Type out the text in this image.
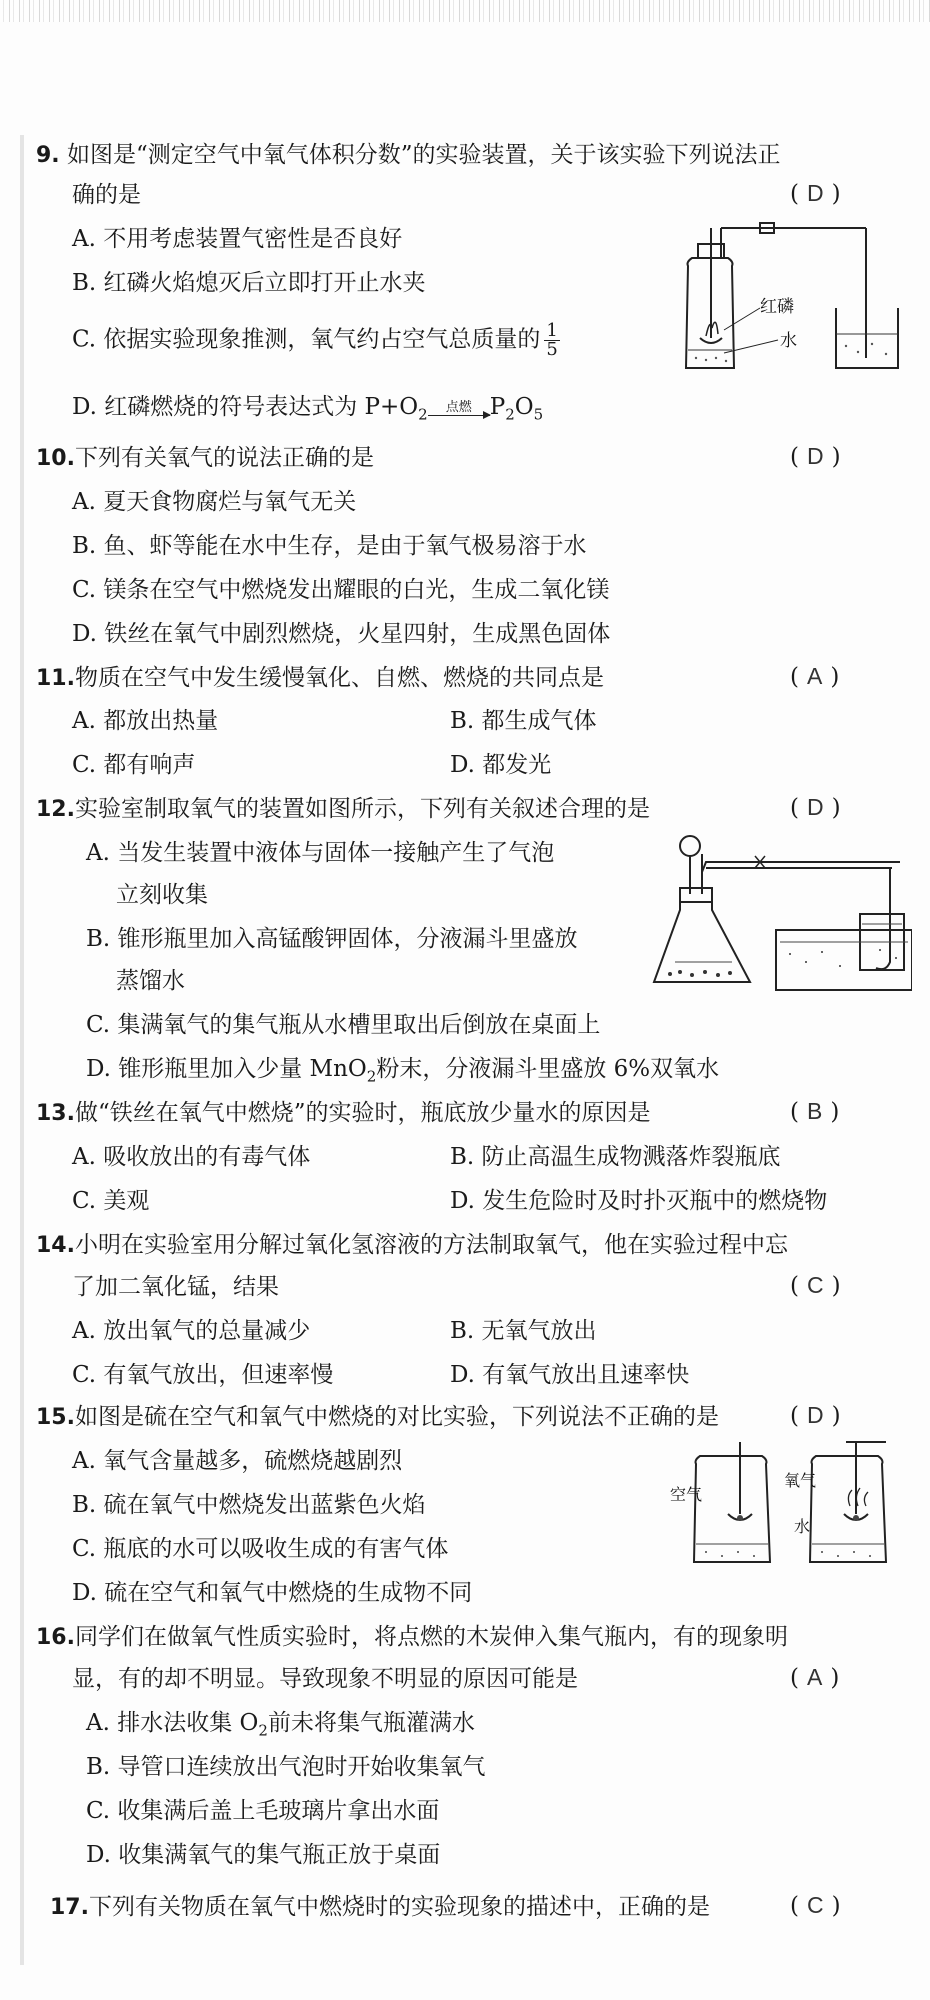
9. 如图是“测定空气中氧气体积分数”的实验装置，关于该实验下列说法正
确的是	(D)
A. 不用考虑装置气密性是否良好
B. 红磷火焰熄灭后立即打开止水夹
C. 依据实验现象推测，氧气约占空气总质量的 $\frac{1}{5}$
D. 红磷燃烧的符号表达式为 $P+O_2$	点燃 $P_2O_5$
红磷
水
10.下列有关氧气的说法正确的是	(D)
A. 夏天食物腐烂与氧气无关
B. 鱼、虾等能在水中生存，是由于氧气极易溶于水
C. 镁条在空气中燃烧发出耀眼的白光，生成二氧化镁
D. 铁丝在氧气中剧烈燃烧，火星四射，生成黑色固体
11.物质在空气中发生缓慢氧化、自燃、燃烧的共同点是	(A)
A. 都放出热量	B. 都生成气体
C. 都有响声	D. 都发光
12.实验室制取氧气的装置如图所示，下列有关叙述合理的是	(D)
A. 当发生装置中液体与固体一接触产生了气泡
立刻收集
B. 锥形瓶里加入高锰酸钾固体，分液漏斗里盛放
蒸馏水
C. 集满氧气的集气瓶从水槽里取出后倒放在桌面上
D. 锥形瓶里加入少量 MnO$_2$粉末，分液漏斗里盛放 6%双氧水
13.做“铁丝在氧气中燃烧”的实验时，瓶底放少量水的原因是	(B)
A. 吸收放出的有毒气体	B. 防止高温生成物溅落炸裂瓶底
C. 美观	D. 发生危险时及时扑灭瓶中的燃烧物
14.小明在实验室用分解过氧化氢溶液的方法制取氧气，他在实验过程中忘
了加二氧化锰，结果	(C)
A. 放出氧气的总量减少	B. 无氧气放出
C. 有氧气放出，但速率慢	D. 有氧气放出且速率快
15.如图是硫在空气和氧气中燃烧的对比实验，下列说法不正确的是	(D)
A. 氧气含量越多，硫燃烧越剧烈
B. 硫在氧气中燃烧发出蓝紫色火焰
C. 瓶底的水可以吸收生成的有害气体
D. 硫在空气和氧气中燃烧的生成物不同
空气
氧气
水
16.同学们在做氧气性质实验时，将点燃的木炭伸入集气瓶内，有的现象明
显，有的却不明显。导致现象不明显的原因可能是	(A)
A. 排水法收集 $O_2$前未将集气瓶灌满水
B. 导管口连续放出气泡时开始收集氧气
C. 收集满后盖上毛玻璃片拿出水面
D. 收集满氧气的集气瓶正放于桌面
17.下列有关物质在氧气中燃烧时的实验现象的描述中，正确的是	(C)
